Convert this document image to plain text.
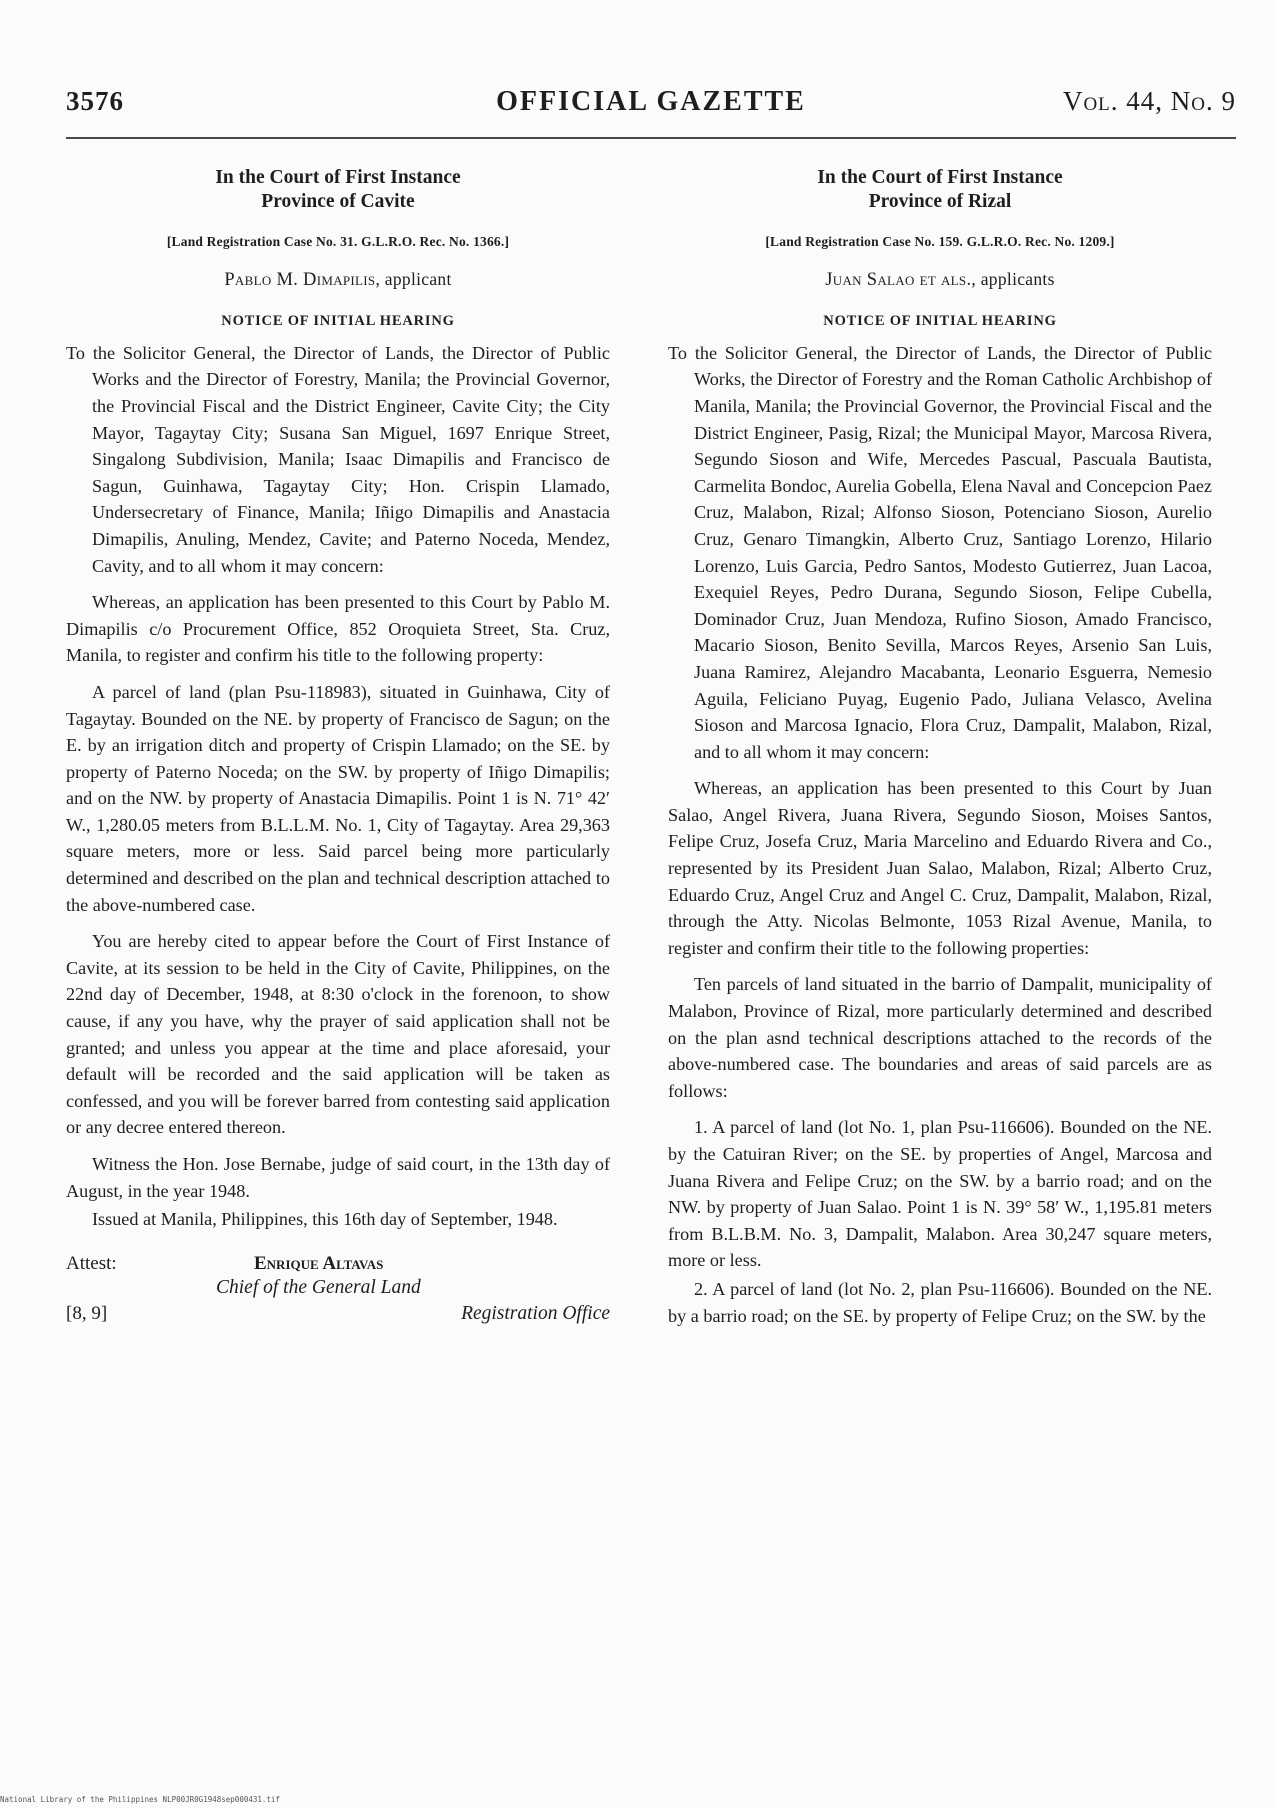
3576	OFFICIAL GAZETTE	Vol. 44, No. 9

In the Court of First Instance

Province of Cavite

[Land Registration Case No. 31. G.L.R.O. Rec. No. 1366.]

Pablo M. Dimapilis, applicant

NOTICE OF INITIAL HEARING

To the Solicitor General, the Director of Lands, the Director of Public Works and the Director of Forestry, Manila; the Provincial Governor, the Provincial Fiscal and the District Engineer, Cavite City; the City Mayor, Tagaytay City; Susana San Miguel, 1697 Enrique Street, Singalong Subdivision, Manila; Isaac Dimapilis and Francisco de Sagun, Guinhawa, Tagaytay City; Hon. Crispin Llamado, Undersecretary of Finance, Manila; Iñigo Dimapilis and Anastacia Dimapilis, Anuling, Mendez, Cavite; and Paterno Noceda, Mendez, Cavity, and to all whom it may concern:

Whereas, an application has been presented to this Court by Pablo M. Dimapilis c/o Procurement Office, 852 Oroquieta Street, Sta. Cruz, Manila, to register and confirm his title to the following property:

A parcel of land (plan Psu-118983), situated in Guinhawa, City of Tagaytay. Bounded on the NE. by property of Francisco de Sagun; on the E. by an irrigation ditch and property of Crispin Llamado; on the SE. by property of Paterno Noceda; on the SW. by property of Iñigo Dimapilis; and on the NW. by property of Anastacia Dimapilis. Point 1 is N. 71° 42′ W., 1,280.05 meters from B.L.L.M. No. 1, City of Tagaytay. Area 29,363 square meters, more or less. Said parcel being more particularly determined and described on the plan and technical description attached to the above-numbered case.

You are hereby cited to appear before the Court of First Instance of Cavite, at its session to be held in the City of Cavite, Philippines, on the 22nd day of December, 1948, at 8:30 o'clock in the forenoon, to show cause, if any you have, why the prayer of said application shall not be granted; and unless you appear at the time and place aforesaid, your default will be recorded and the said application will be taken as confessed, and you will be forever barred from contesting said application or any decree entered thereon.

Witness the Hon. Jose Bernabe, judge of said court, in the 13th day of August, in the year 1948.

Issued at Manila, Philippines, this 16th day of September, 1948.

Attest:
[8, 9]
Enrique Altavas
Chief of the General Land
Registration Office

In the Court of First Instance

Province of Rizal

[Land Registration Case No. 159. G.L.R.O. Rec. No. 1209.]

Juan Salao et als., applicants

NOTICE OF INITIAL HEARING

To the Solicitor General, the Director of Lands, the Director of Public Works, the Director of Forestry and the Roman Catholic Archbishop of Manila, Manila; the Provincial Governor, the Provincial Fiscal and the District Engineer, Pasig, Rizal; the Municipal Mayor, Marcosa Rivera, Segundo Sioson and Wife, Mercedes Pascual, Pascuala Bautista, Carmelita Bondoc, Aurelia Gobella, Elena Naval and Concepcion Paez Cruz, Malabon, Rizal; Alfonso Sioson, Potenciano Sioson, Aurelio Cruz, Genaro Timangkin, Alberto Cruz, Santiago Lorenzo, Hilario Lorenzo, Luis Garcia, Pedro Santos, Modesto Gutierrez, Juan Lacoa, Exequiel Reyes, Pedro Durana, Segundo Sioson, Felipe Cubella, Dominador Cruz, Juan Mendoza, Rufino Sioson, Amado Francisco, Macario Sioson, Benito Sevilla, Marcos Reyes, Arsenio San Luis, Juana Ramirez, Alejandro Macabanta, Leonario Esguerra, Nemesio Aguila, Feliciano Puyag, Eugenio Pado, Juliana Velasco, Avelina Sioson and Marcosa Ignacio, Flora Cruz, Dampalit, Malabon, Rizal, and to all whom it may concern:

Whereas, an application has been presented to this Court by Juan Salao, Angel Rivera, Juana Rivera, Segundo Sioson, Moises Santos, Felipe Cruz, Josefa Cruz, Maria Marcelino and Eduardo Rivera and Co., represented by its President Juan Salao, Malabon, Rizal; Alberto Cruz, Eduardo Cruz, Angel Cruz and Angel C. Cruz, Dampalit, Malabon, Rizal, through the Atty. Nicolas Belmonte, 1053 Rizal Avenue, Manila, to register and confirm their title to the following properties:

Ten parcels of land situated in the barrio of Dampalit, municipality of Malabon, Province of Rizal, more particularly determined and described on the plan asnd technical descriptions attached to the records of the above-numbered case. The boundaries and areas of said parcels are as follows:

1. A parcel of land (lot No. 1, plan Psu-116606). Bounded on the NE. by the Catuiran River; on the SE. by properties of Angel, Marcosa and Juana Rivera and Felipe Cruz; on the SW. by a barrio road; and on the NW. by property of Juan Salao. Point 1 is N. 39° 58′ W., 1,195.81 meters from B.L.B.M. No. 3, Dampalit, Malabon. Area 30,247 square meters, more or less.

2. A parcel of land (lot No. 2, plan Psu-116606). Bounded on the NE. by a barrio road; on the SE. by property of Felipe Cruz; on the SW. by the

National Library of the Philippines NLP00JR0G1948sep000431.tif
